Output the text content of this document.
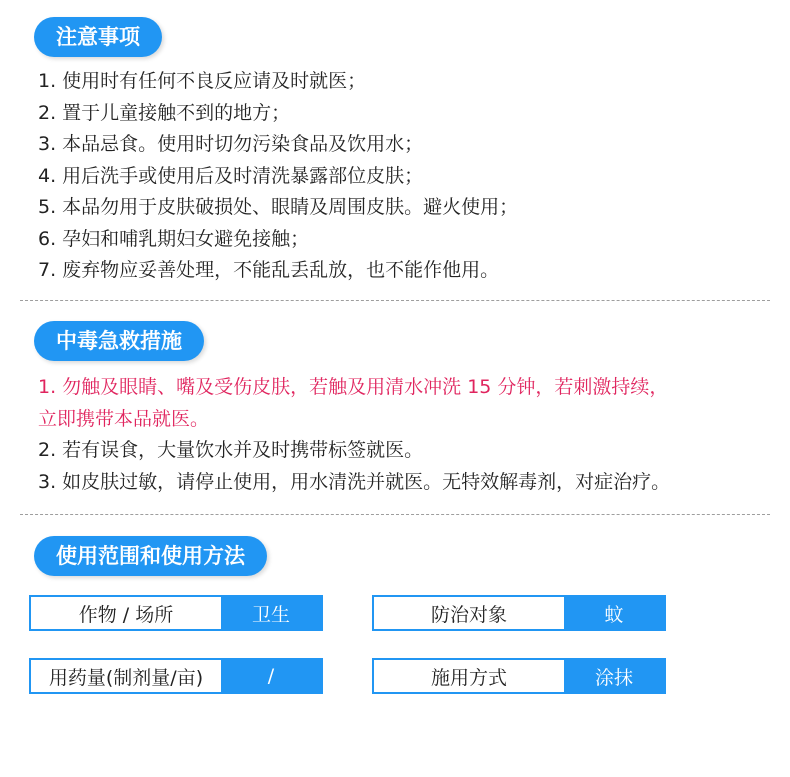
注意事项
1. 使用时有任何不良反应请及时就医；
2. 置于儿童接触不到的地方；
3. 本品忌食。使用时切勿污染食品及饮用水；
4. 用后洗手或使用后及时清洗暴露部位皮肤；
5. 本品勿用于皮肤破损处、眼睛及周围皮肤。避火使用；
6. 孕妇和哺乳期妇女避免接触；
7. 废弃物应妥善处理，不能乱丢乱放，也不能作他用。
中毒急救措施
1. 勿触及眼睛、嘴及受伤皮肤，若触及用清水冲洗 15 分钟，若刺激持续，
立即携带本品就医。
2. 若有误食，大量饮水并及时携带标签就医。
3. 如皮肤过敏，请停止使用，用水清洗并就医。无特效解毒剂，对症治疗。
使用范围和使用方法
作物 / 场所	卫生	防治对象	蚊
用药量(制剂量/亩)	/	施用方式	涂抹
